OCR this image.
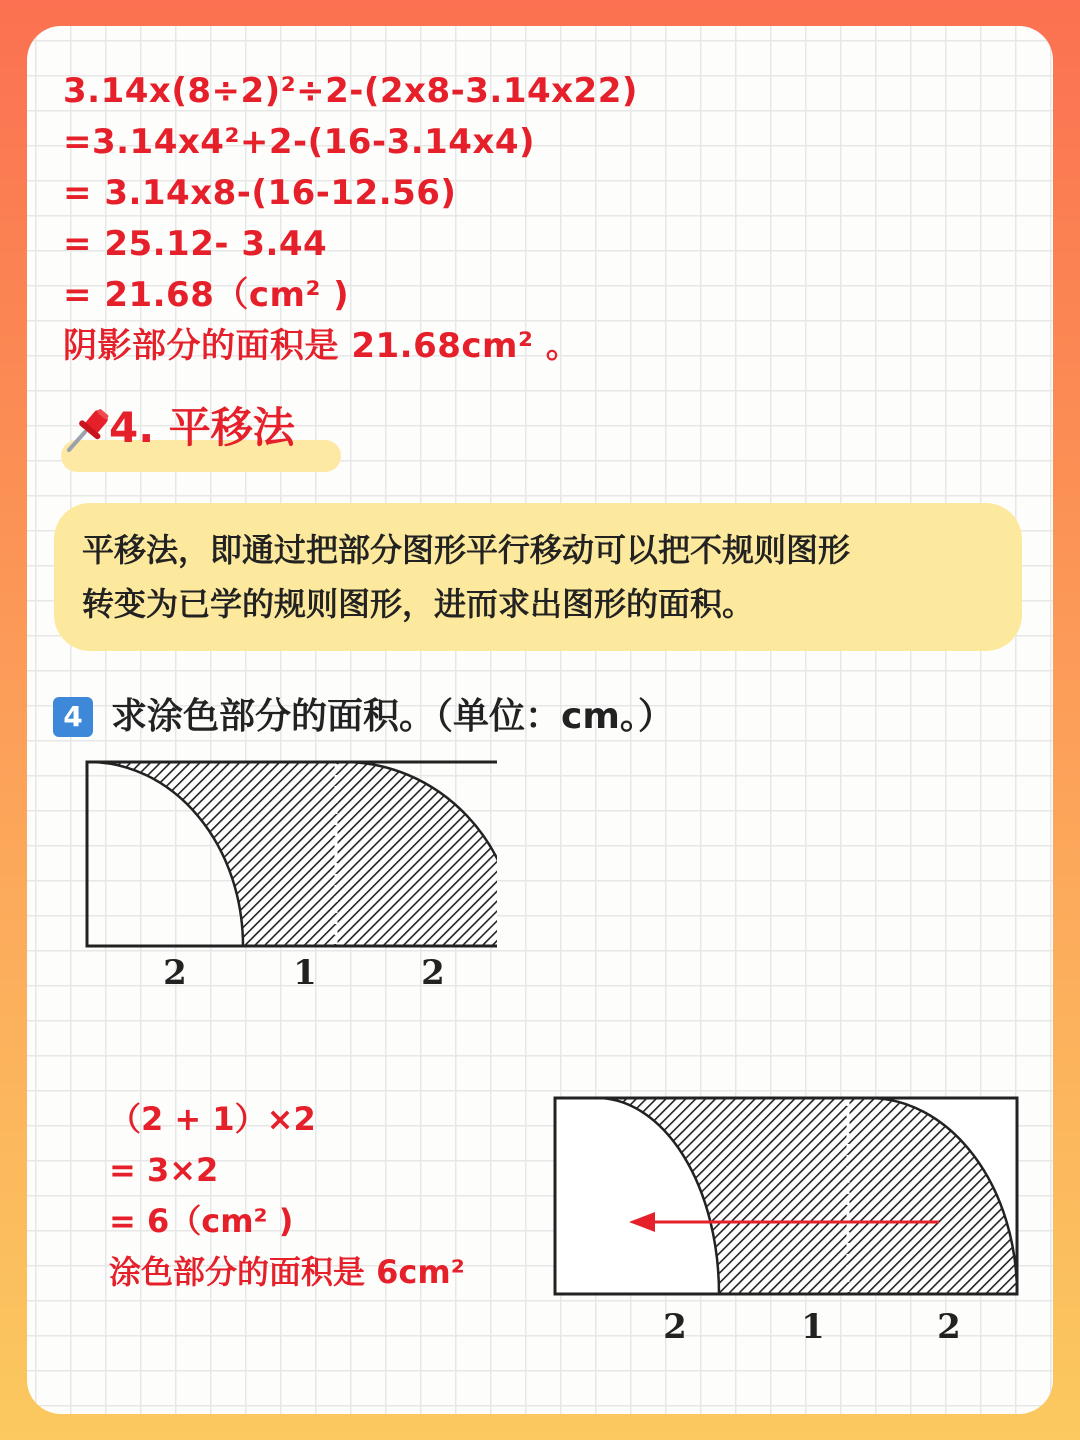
3.14x(8÷2)²÷2-(2x8-3.14x22)
=3.14x4²+2-(16-3.14x4)
= 3.14x8-(16-12.56)
= 25.12- 3.44
= 21.68（cm² )
阴影部分的面积是 21.68cm² 。
4. 平移法
平移法，即通过把部分图形平行移动可以把不规则图形
转变为已学的规则图形，进而求出图形的面积。
4 求涂色部分的面积。（单位：cm。）
2	1	2
（2 + 1）×2
= 3×2
= 6（cm² )
涂色部分的面积是 6cm²
2	1	2
